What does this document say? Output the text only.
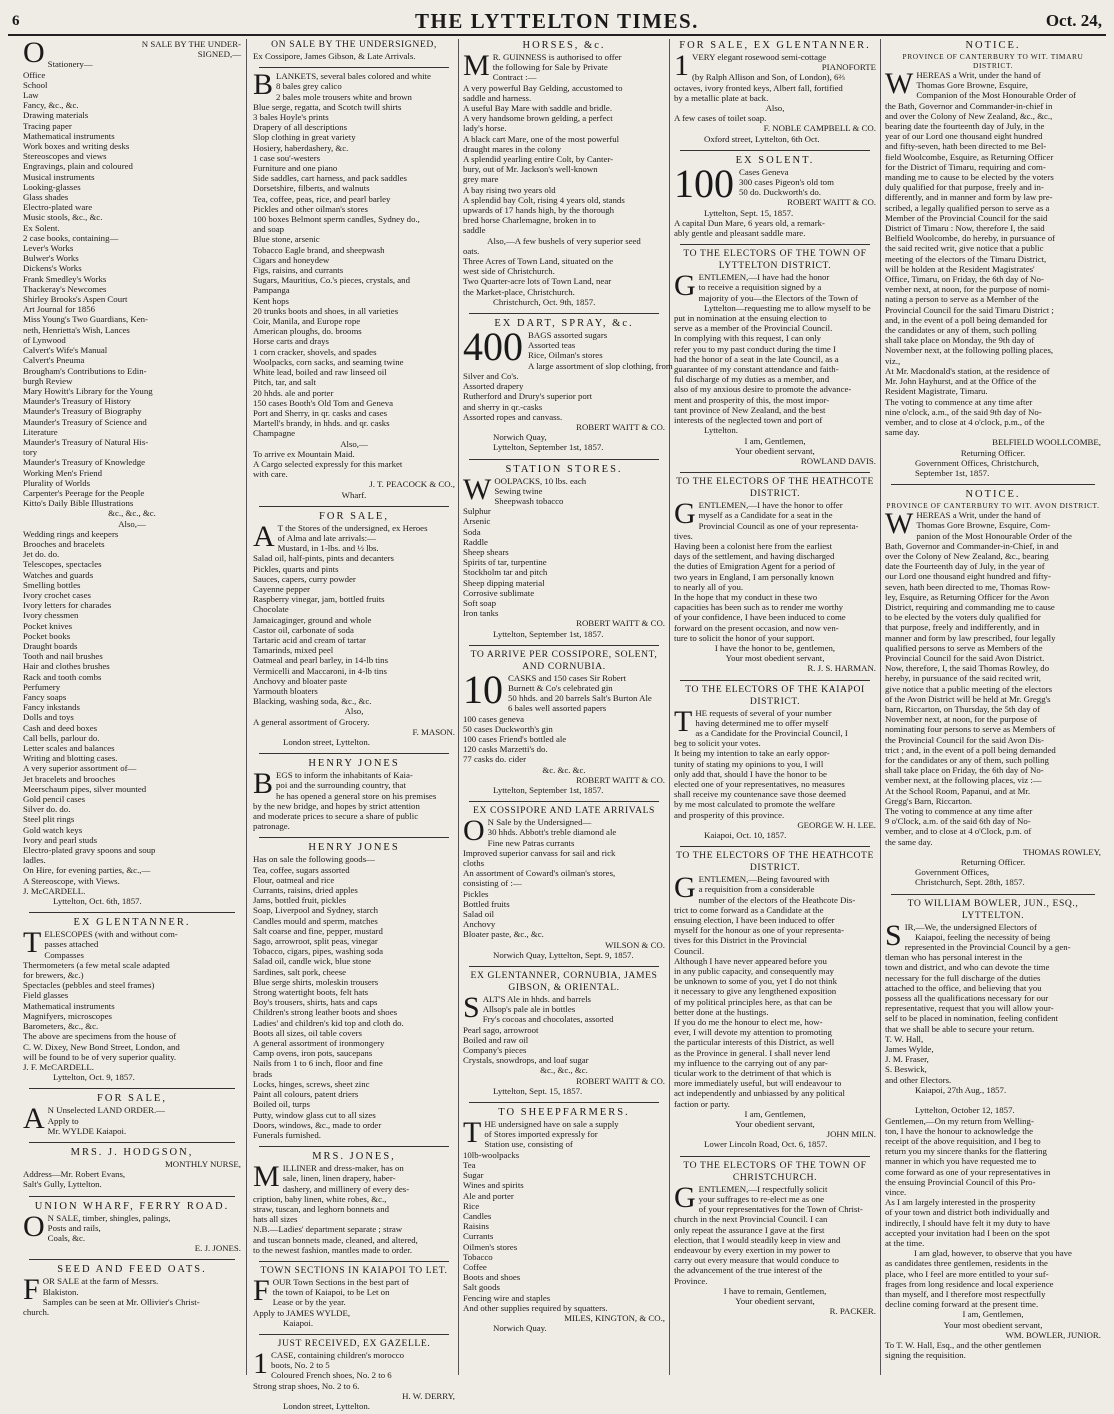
6	THE LYTTELTON TIMES.	Oct. 24,
O	N SALE BY THE UNDER-
SIGNED,—
Stationery—
Office
School
Law
Fancy, &c., &c.
Drawing materials
Tracing paper
Mathematical instruments
Work boxes and writing desks
Stereoscopes and views
Engravings, plain and coloured
Musical instruments
Looking-glasses
Glass shades
Electro-plated ware
Music stools, &c., &c.
Ex Solent.
2 case books, containing—
Lever's Works
Bulwer's Works
Dickens's Works
Frank Smedley's Works
Thackeray's Newcomes
Shirley Brooks's Aspen Court
Art Journal for 1856
Miss Young's Two Guardians, Ken-
neth, Henrietta's Wish, Lances
of Lynwood
Calvert's Wife's Manual
Calvert's Pneuma
Brougham's Contributions to Edin-
burgh Review
Mary Howitt's Library for the Young
Maunder's Treasury of History
Maunder's Treasury of Biography
Maunder's Treasury of Science and
Literature
Maunder's Treasury of Natural His-
tory
Maunder's Treasury of Knowledge
Working Men's Friend
Plurality of Worlds
Carpenter's Peerage for the People
Kitto's Daily Bible Illustrations
&c., &c., &c.
Also,—
Wedding rings and keepers
Brooches and bracelets
Jet do. do.
Telescopes, spectacles
Watches and guards
Smelling bottles
Ivory crochet cases
Ivory letters for charades
Ivory chessmen
Pocket knives
Pocket books
Draught boards
Tooth and nail brushes
Hair and clothes brushes
Rack and tooth combs
Perfumery
Fancy soaps
Fancy inkstands
Dolls and toys
Cash and deed boxes
Call bells, parlour do.
Letter scales and balances
Writing and blotting cases.
A very superior assortment of—
Jet bracelets and brooches
Meerschaum pipes, silver mounted
Gold pencil cases
Silver do. do.
Steel plit rings
Gold watch keys
Ivory and pearl studs
Electro-plated gravy spoons and soup
ladles.
On Hire, for evening parties, &c.,—
A Stereoscope, with Views.
J. McCARDELL.
Lyttelton, Oct. 6th, 1857.
EX GLENTANNER.
T ELESCOPES (with and without com-
passes attached
Compasses
Thermometers (a few metal scale adapted
for brewers, &c.)
Spectacles (pebbles and steel frames)
Field glasses
Mathematical instruments
Magnifyers, microscopes
Barometers, &c., &c.
The above are specimens from the house of
C. W. Dixey, New Bond Street, London, and
will be found to be of very superior quality.
J. F. McCARDELL.
Lyttelton, Oct. 9, 1857.
FOR SALE,
A N Unselected LAND ORDER.—
Apply to
Mr. WYLDE Kaiapoi.
MRS. J. HODGSON,
MONTHLY NURSE,
Address—Mr. Robert Evans,
Salt's Gully, Lyttelton.
UNION WHARF, FERRY ROAD.
O N SALE, timber, shingles, palings,
Posts and rails,
Coals, &c.
E. J. JONES.
SEED AND FEED OATS.
F OR SALE at the farm of Messrs.
Blakiston.
Samples can be seen at Mr. Ollivier's Christ-
church.
ON SALE BY THE UNDERSIGNED,
Ex Cossipore, James Gibson, & Late Arrivals.
B LANKETS, several bales colored and white
8 bales grey calico
2 bales mole trousers white and brown
Blue serge, regatta, and Scotch twill shirts
3 bales Hoyle's prints
Drapery of all descriptions
Slop clothing in great variety
Hosiery, haberdashery, &c.
1 case sou'-westers
Furniture and one piano
Side saddles, cart harness, and pack saddles
Dorsetshire, filberts, and walnuts
Tea, coffee, peas, rice, and pearl barley
Pickles and other oilman's stores
100 boxes Belmont sperm candles, Sydney do.,
and soap
Blue stone, arsenic
Tobacco Eagle brand, and sheepwash
Cigars and honeydew
Figs, raisins, and currants
Sugars, Mauritius, Co.'s pieces, crystals, and
Pampanga
Kent hops
20 trunks boots and shoes, in all varieties
Coir, Manila, and Europe rope
American ploughs, do. brooms
Horse carts and drays
1 corn cracker, shovels, and spades
Woolpacks, corn sacks, and seaming twine
White lead, boiled and raw linseed oil
Pitch, tar, and salt
20 hhds. ale and porter
150 cases Booth's Old Tom and Geneva
Port and Sherry, in qr. casks and cases
Martell's brandy, in hhds. and qr. casks
Champagne
Also,—
To arrive ex Mountain Maid.
A Cargo selected expressly for this market
with care.
J. T. PEACOCK & CO.,
Wharf.
FOR SALE,
A T the Stores of the undersigned, ex Heroes
of Alma and late arrivals:—
Mustard, in 1-lbs. and ½ lbs.
Salad oil, half-pints, pints and decanters
Pickles, quarts and pints
Sauces, capers, curry powder
Cayenne pepper
Raspberry vinegar, jam, bottled fruits
Chocolate
Jamaicaginger, ground and whole
Castor oil, carbonate of soda
Tartaric acid and cream of tartar
Tamarinds, mixed peel
Oatmeal and pearl barley, in 14-lb tins
Vermicelli and Maccaroni, in 4-lb tins
Anchovy and bloater paste
Yarmouth bloaters
Blacking, washing soda, &c., &c.
Also,
A general assortment of Grocery.
F. MASON.
London street, Lyttelton.
HENRY JONES
B EGS to inform the inhabitants of Kaia-
poi and the surrounding country, that
he has opened a general store on his premises
by the new bridge, and hopes by strict attention
and moderate prices to secure a share of public
patronage.
HENRY JONES
Has on sale the following goods—
Tea, coffee, sugars assorted
Flour, oatmeal and rice
Currants, raisins, dried apples
Jams, bottled fruit, pickles
Soap, Liverpool and Sydney, starch
Candles mould and sperm, matches
Salt coarse and fine, pepper, mustard
Sago, arrowroot, split peas, vinegar
Tobacco, cigars, pipes, washing soda
Salad oil, candle wick, blue stone
Sardines, salt pork, cheese
Blue serge shirts, moleskin trousers
Strong watertight boots, felt hats
Boy's trousers, shirts, hats and caps
Children's strong leather boots and shoes
Ladies' and children's kid top and cloth do.
Boots all sizes, oil table covers
A general assortment of ironmongery
Camp ovens, iron pots, saucepans
Nails from 1 to 6 inch, floor and fine
brads
Locks, hinges, screws, sheet zinc
Paint all colours, patent driers
Boiled oil, turps
Putty, window glass cut to all sizes
Doors, windows, &c., made to order
Funerals furnished.
MRS. JONES,
M ILLINER and dress-maker, has on
sale, linen, linen drapery, haber-
dashery, and millinery of every des-
cription, baby linen, white robes, &c.,
straw, tuscan, and leghorn bonnets and
hats all sizes
N.B.—Ladies' department separate ; straw
and tuscan bonnets made, cleaned, and altered,
to the newest fashion, mantles made to order.
TOWN SECTIONS IN KAIAPOI TO LET.
F OUR Town Sections in the best part of
the town of Kaiapoi, to be Let on
Lease or by the year.
Apply to JAMES WYLDE,
Kaiapoi.
JUST RECEIVED, EX GAZELLE.
1 CASE, containing children's morocco
boots, No. 2 to 5
Coloured French shoes, No. 2 to 6
Strong strap shoes, No. 2 to 6.
H. W. DERRY,
London street, Lyttelton.
HORSES, &c.
M R. GUINNESS is authorised to offer
the following for Sale by Private
Contract :—
A very powerful Bay Gelding, accustomed to
saddle and harness.
A useful Bay Mare with saddle and bridle.
A very handsome brown gelding, a perfect
lady's horse.
A black cart Mare, one of the most powerful
draught mares in the colony
A splendid yearling entire Colt, by Canter-
bury, out of Mr. Jackson's well-known
grey mare
A bay rising two years old
A splendid bay Colt, rising 4 years old, stands
upwards of 17 hands high, by the thorough
bred horse Charlemagne, broken in to
saddle
Also,—A few bushels of very superior seed
oats.
Three Acres of Town Land, situated on the
west side of Christchurch.
Two Quarter-acre lots of Town Land, near
the Market-place, Christchurch.
Christchurch, Oct. 9th, 1857.
EX DART, SPRAY, &c.
400 BAGS assorted sugars
Assorted teas
Rice, Oilman's stores
A large assortment of slop clothing, from
Silver and Co's.
Assorted drapery
Rutherford and Drury's superior port
and sherry in qr.-casks
Assorted ropes and canvass.
ROBERT WAITT & CO.
Norwich Quay,
Lyttelton, September 1st, 1857.
STATION STORES.
W OOLPACKS, 10 lbs. each
Sewing twine
Sheepwash tobacco
Sulphur
Arsenic
Soda
Raddle
Sheep shears
Spirits of tar, turpentine
Stockholm tar and pitch
Sheep dipping material
Corrosive sublimate
Soft soap
Iron tanks
ROBERT WAITT & CO.
Lyttelton, September 1st, 1857.
TO ARRIVE PER COSSIPORE, SOLENT, AND CORNUBIA.
10 CASKS and 150 cases Sir Robert
Burnett & Co's celebrated gin
50 hhds. and 20 barrels Salt's Burton Ale
6 bales well assorted papers
100 cases geneva
50 cases Duckworth's gin
100 cases Friend's bottled ale
120 casks Marzetti's do.
77 casks do. cider
&c. &c. &c.
ROBERT WAITT & CO.
Lyttelton, September 1st, 1857.
EX COSSIPORE AND LATE ARRIVALS
O N Sale by the Undersigned—
30 hhds. Abbott's treble diamond ale
Fine new Patras currants
Improved superior canvass for sail and rick
cloths
An assortment of Coward's oilman's stores,
consisting of :—
Pickles
Bottled fruits
Salad oil
Anchovy
Bloater paste, &c., &c.
WILSON & CO.
Norwich Quay, Lyttelton, Sept. 9, 1857.
EX GLENTANNER, CORNUBIA, JAMES GIBSON, & ORIENTAL.
S ALT'S Ale in hhds. and barrels
Allsop's pale ale in bottles
Fry's cocoas and chocolates, assorted
Pearl sago, arrowroot
Boiled and raw oil
Company's pieces
Crystals, snowdrops, and loaf sugar
&c., &c., &c.
ROBERT WAITT & CO.
Lyttelton, Sept. 15, 1857.
TO SHEEPFARMERS.
T HE undersigned have on sale a supply
of Stores imported expressly for
Station use, consisting of
10lb-woolpacks
Tea
Sugar
Wines and spirits
Ale and porter
Rice
Candles
Raisins
Currants
Oilmen's stores
Tobacco
Coffee
Boots and shoes
Salt goods
Fencing wire and staples
And other supplies required by squatters.
MILES, KINGTON, & CO.,
Norwich Quay.
FOR SALE, EX GLENTANNER.
1 VERY elegant rosewood semi-cottage
PIANOFORTE
(by Ralph Allison and Son, of London), 6⅔
octaves, ivory fronted keys, Albert fall, fortified
by a metallic plate at back.
Also,
A few cases of toilet soap.
F. NOBLE CAMPBELL & CO.
Oxford street, Lyttelton, 6th Oct.
EX SOLENT.
100 Cases Geneva
300 cases Pigeon's old tom
50 do. Duckworth's do.
ROBERT WAITT & CO.
Lyttelton, Sept. 15, 1857.
A capital Dun Mare, 6 years old, a remark-
ably gentle and pleasant saddle mare.
TO THE ELECTORS OF THE TOWN OF LYTTELTON DISTRICT.
G ENTLEMEN,—I have had the honor
to receive a requisition signed by a
majority of you—the Electors of the Town of
Lyttelton—requesting me to allow myself to be
put in nomination at the ensuing election to
serve as a member of the Provincial Council.
In complying with this request, I can only
refer you to my past conduct during the time I
had the honor of a seat in the late Council, as a
guarantee of my constant attendance and faith-
ful discharge of my duties as a member, and
also of my anxious desire to promote the advance-
ment and prosperity of this, the most impor-
tant province of New Zealand, and the best
interests of the neglected town and port of
Lyttelton.
I am, Gentlemen,
Your obedient servant,
ROWLAND DAVIS.
TO THE ELECTORS OF THE HEATHCOTE DISTRICT.
G ENTLEMEN,—I have the honor to offer
myself as a Candidate for a seat in the
Provincial Council as one of your representa-
tives.
Having been a colonist here from the earliest
days of the settlement, and having discharged
the duties of Emigration Agent for a period of
two years in England, I am personally known
to nearly all of you.
In the hope that my conduct in these two
capacities has been such as to render me worthy
of your confidence, I have been induced to come
forward on the present occasion, and now ven-
ture to solicit the honor of your support.
I have the honor to be, gentlemen,
Your most obedient servant,
R. J. S. HARMAN.
TO THE ELECTORS OF THE KAIAPOI DISTRICT.
T HE requests of several of your number
having determined me to offer myself
as a Candidate for the Provincial Council, I
beg to solicit your votes.
It being my intention to take an early oppor-
tunity of stating my opinions to you, I will
only add that, should I have the honor to be
elected one of your representatives, no measures
shall receive my countenance save those deemed
by me most calculated to promote the welfare
and prosperity of this province.
GEORGE W. H. LEE.
Kaiapoi, Oct. 10, 1857.
TO THE ELECTORS OF THE HEATHCOTE DISTRICT.
G ENTLEMEN,—Being favoured with
a requisition from a considerable
number of the electors of the Heathcote Dis-
trict to come forward as a Candidate at the
ensuing election, I have been induced to offer
myself for the honour as one of your representa-
tives for this District in the Provincial
Council.
Although I have never appeared before you
in any public capacity, and consequently may
be unknown to some of you, yet I do not think
it necessary to give any lengthened exposition
of my political principles here, as that can be
better done at the hustings.
If you do me the honour to elect me, how-
ever, I will devote my attention to promoting
the particular interests of this District, as well
as the Province in general. I shall never lend
my influence to the carrying out of any par-
ticular work to the detriment of that which is
more immediately useful, but will endeavour to
act independently and unbiassed by any political
faction or party.
I am, Gentlemen,
Your obedient servant,
JOHN MILN.
Lower Lincoln Road, Oct. 6, 1857.
TO THE ELECTORS OF THE TOWN OF CHRISTCHURCH.
G ENTLEMEN,—I respectfully solicit
your suffrages to re-elect me as one
of your representatives for the Town of Christ-
church in the next Provincial Council. I can
only repeat the assurance I gave at the first
election, that I would steadily keep in view and
endeavour by every exertion in my power to
carry out every measure that would conduce to
the advancement of the true interest of the
Province.
I have to remain, Gentlemen,
Your obedient servant,
R. PACKER.
NOTICE.
PROVINCE OF CANTERBURY TO WIT. TIMARU DISTRICT.
W HEREAS a Writ, under the hand of
Thomas Gore Browne, Esquire,
Companion of the Most Honourable Order of
the Bath, Governor and Commander-in-chief in
and over the Colony of New Zealand, &c., &c.,
bearing date the fourteenth day of July, in the
year of our Lord one thousand eight hundred
and fifty-seven, hath been directed to me Bel-
field Woolcombe, Esquire, as Returning Officer
for the District of Timaru, requiring and com-
manding me to cause to be elected by the voters
duly qualified for that purpose, freely and in-
differently, and in manner and form by law pre-
scribed, a legally qualified person to serve as a
Member of the Provincial Council for the said
District of Timaru : Now, therefore I, the said
Belfield Woolcombe, do hereby, in pursuance of
the said recited writ, give notice that a public
meeting of the electors of the Timaru District,
will be holden at the Resident Magistrates'
Office, Timaru, on Friday, the 6th day of No-
vember next, at noon, for the purpose of nomi-
nating a person to serve as a Member of the
Provincial Council for the said Timaru District ;
and, in the event of a poll being demanded for
the candidates or any of them, such polling
shall take place on Monday, the 9th day of
November next, at the following polling places,
viz.,
At Mr. Macdonald's station, at the residence of
Mr. John Hayhurst, and at the Office of the
Resident Magistrate, Timaru.
The voting to commence at any time after
nine o'clock, a.m., of the said 9th day of No-
vember, and to close at 4 o'clock, p.m., of the
same day.
BELFIELD WOOLLCOMBE,
Returning Officer.
Government Offices, Christchurch,
September 1st, 1857.
NOTICE.
PROVINCE OF CANTERBURY TO WIT. AVON DISTRICT.
W HEREAS a Writ, under the hand of
Thomas Gore Browne, Esquire, Com-
panion of the Most Honourable Order of the
Bath, Governor and Commander-in-Chief, in and
over the Colony of New Zealand, &c., bearing
date the Fourteenth day of July, in the year of
our Lord one thousand eight hundred and fifty-
seven, hath been directed to me, Thomas Row-
ley, Esquire, as Returning Officer for the Avon
District, requiring and commanding me to cause
to be elected by the voters duly qualified for
that purpose, freely and indifferently, and in
manner and form by law prescribed, four legally
qualified persons to serve as Members of the
Provincial Council for the said Avon District.
Now, therefore, I, the said Thomas Rowley, do
hereby, in pursuance of the said recited writ,
give notice that a public meeting of the electors
of the Avon District will be held at Mr. Gregg's
barn, Riccarton, on Thursday, the 5th day of
November next, at noon, for the purpose of
nominating four persons to serve as Members of
the Provincial Council for the said Avon Dis-
trict ; and, in the event of a poll being demanded
for the candidates or any of them, such polling
shall take place on Friday, the 6th day of No-
vember next, at the following places, viz :—
At the School Room, Papanui, and at Mr.
Gregg's Barn, Riccarton.
The voting to commence at any time after
9 o'Clock, a.m. of the said 6th day of No-
vember, and to close at 4 o'Clock, p.m. of
the same day.
THOMAS ROWLEY,
Returning Officer.
Government Offices,
Christchurch, Sept. 28th, 1857.
TO WILLIAM BOWLER, JUN., ESQ., LYTTELTON.
S IR,—We, the undersigned Electors of
Kaiapoi, feeling the necessity of being
represented in the Provincial Council by a gen-
tleman who has personal interest in the
town and district, and who can devote the time
necessary for the full discharge of the duties
attached to the office, and believing that you
possess all the qualifications necessary for our
representative, request that you will allow your-
self to be placed in nomination, feeling confident
that we shall be able to secure your return.
T. W. Hall,
James Wylde,
J. M. Fraser,
S. Beswick,
and other Electors.
Kaiapoi, 27th Aug., 1857.

Lyttelton, October 12, 1857.
Gentlemen,—On my return from Welling-
ton, I have the honour to acknowledge the
receipt of the above requisition, and I beg to
return you my sincere thanks for the flattering
manner in which you have requested me to
come forward as one of your representatives in
the ensuing Provincial Council of this Pro-
vince.
As I am largely interested in the prosperity
of your town and district both individually and
indirectly, I should have felt it my duty to have
accepted your invitation had I been on the spot
at the time.
I am glad, however, to observe that you have
as candidates three gentlemen, residents in the
place, who I feel are more entitled to your suf-
frages from long residence and local experience
than myself, and I therefore most respectfully
decline coming forward at the present time.
I am, Gentlemen,
Your most obedient servant,
WM. BOWLER, JUNIOR.
To T. W. Hall, Esq., and the other gentlemen
signing the requisition.
